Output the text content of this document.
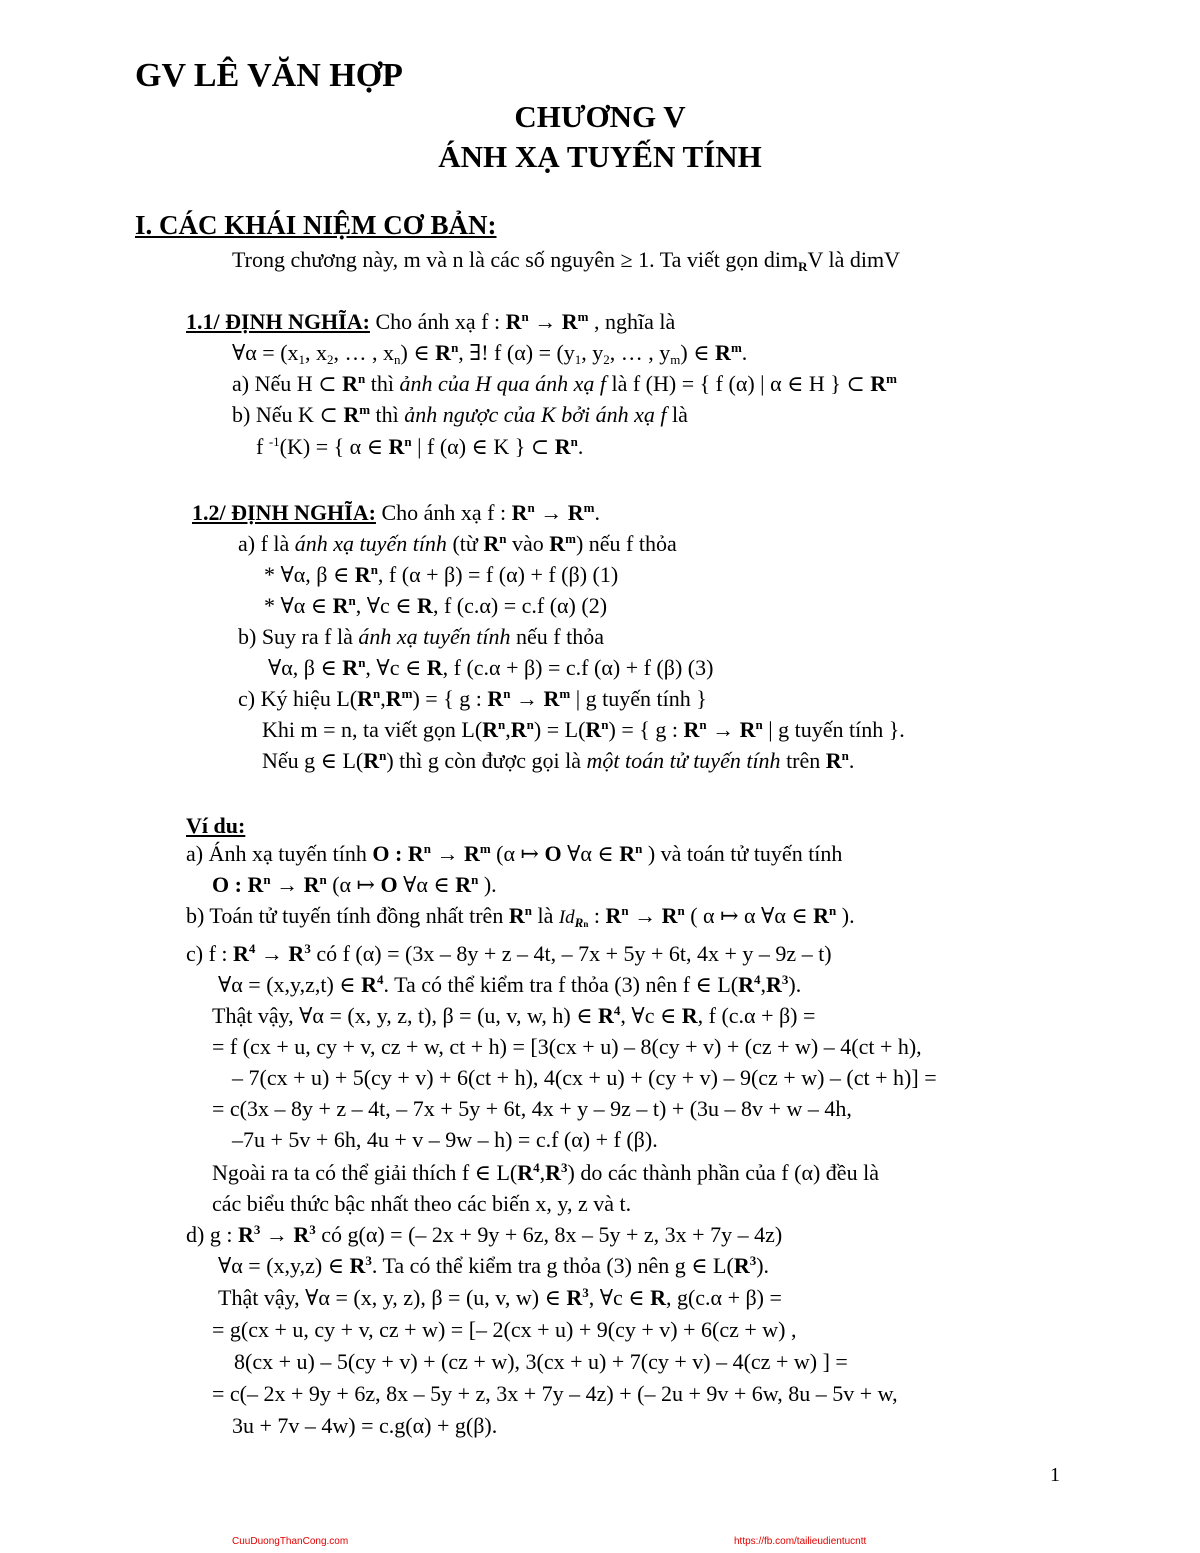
GV LÊ VĂN HỢP
CHƯƠNG V
ÁNH XẠ TUYẾN TÍNH
I. CÁC KHÁI NIỆM CƠ BẢN:
Trong chương này, m và n là các số nguyên ≥ 1. Ta viết gọn dim$_R$V là dimV
1.1/ ĐỊNH NGHĨA: Cho ánh xạ f : $R^n \to R^m$ , nghĩa là
∀α = ($x_1$, $x_2$, … , $x_n$) ∈ $R^n$, ∃! f $(\alpha) = (y_1$, $y_2$, … , $y_m$) ∈ $R^m$.
a) Nếu H ⊂ $R^n$ thì ảnh của H qua ánh xạ f là f (H) = { f (α) | α ∈ H } ⊂ $R^m$
b) Nếu K ⊂ $R^m$ thì ảnh ngược của K bởi ánh xạ f là
f $^{-1}$(K) = { α ∈ $R^n$ | f (α) ∈ K } ⊂ $R^n$.
1.2/ ĐỊNH NGHĨA: Cho ánh xạ f : $R^n \to R^m$.
a) f là ánh xạ tuyến tính (từ $R^n$ vào $R^m$) nếu f thỏa
* ∀α, β ∈ $R^n$, f (α + β) = f (α) + f (β) (1)
* ∀α ∈ $R^n$, ∀c ∈ R, f (c.α) = c.f (α) (2)
b) Suy ra f là ánh xạ tuyến tính nếu f thỏa
∀α, β ∈ $R^n$, ∀c ∈ R, f (c.α + β) = c.f (α) + f (β) (3)
c) Ký hiệu $L(R^n,R^m)$ = { g : $R^n \to R^m$ | g tuyến tính }
Khi m = n, ta viết gọn $L(R^n,R^n) = L(R^n)$ = { g : $R^n \to R^n$ | g tuyến tính }.
Nếu g ∈ $L(R^n)$ thì g còn được gọi là một toán tử tuyến tính trên $R^n$.
Ví du:
a) Ánh xạ tuyến tính O : $R^n \to R^m$ (α ↦ O ∀α ∈ $R^n$ ) và toán tử tuyến tính
O : $R^n \to R^n$ (α ↦ O ∀α ∈ $R^n$ ).
b) Toán tử tuyến tính đồng nhất trên $R^n$ là $Id_{Rn}$ : $R^n \to R^n$ ( α ↦ α ∀α ∈ $R^n$ ).
c) f : $R^4 \to R^3$ có f (α) = (3x – 8y + z – 4t, – 7x + 5y + 6t, 4x + y – 9z – t)
∀α = (x,y,z,t) ∈ $R^4$. Ta có thể kiểm tra f thỏa (3) nên f ∈ $L(R^4,R^3)$.
Thật vậy, ∀α = (x, y, z, t), β = (u, v, w, h) ∈ $R^4$, ∀c ∈ R, f (c.α + β) =
= f (cx + u, cy + v, cz + w, ct + h) = [3(cx + u) – 8(cy + v) + (cz + w) – 4(ct + h),
– 7(cx + u) + 5(cy + v) + 6(ct + h), 4(cx + u) + (cy + v) – 9(cz + w) – (ct + h)] =
= c(3x – 8y + z – 4t, – 7x + 5y + 6t, 4x + y – 9z – t) + (3u – 8v + w – 4h,
–7u + 5v + 6h, 4u + v – 9w – h) = c.f (α) + f (β).
Ngoài ra ta có thể giải thích f ∈ $L(R^4,R^3)$ do các thành phần của f (α) đều là
các biểu thức bậc nhất theo các biến x, y, z và t.
d) g : $R^3 \to R^3$ có g(α) = (– 2x + 9y + 6z, 8x – 5y + z, 3x + 7y – 4z)
∀α = (x,y,z) ∈ $R^3$. Ta có thể kiểm tra g thỏa (3) nên g ∈ $L(R^3)$.
Thật vậy, ∀α = (x, y, z), β = (u, v, w) ∈ $R^3$, ∀c ∈ R, g(c.α + β) =
= g(cx + u, cy + v, cz + w) = [– 2(cx + u) + 9(cy + v) + 6(cz + w) ,
8(cx + u) – 5(cy + v) + (cz + w), 3(cx + u) + 7(cy + v) – 4(cz + w) ] =
= c(– 2x + 9y + 6z, 8x – 5y + z, 3x + 7y – 4z) + (– 2u + 9v + 6w, 8u – 5v + w,
3u + 7v – 4w) = c.g(α) + g(β).
1
CuuDuongThanCong.com	https://fb.com/tailieudientucntt
